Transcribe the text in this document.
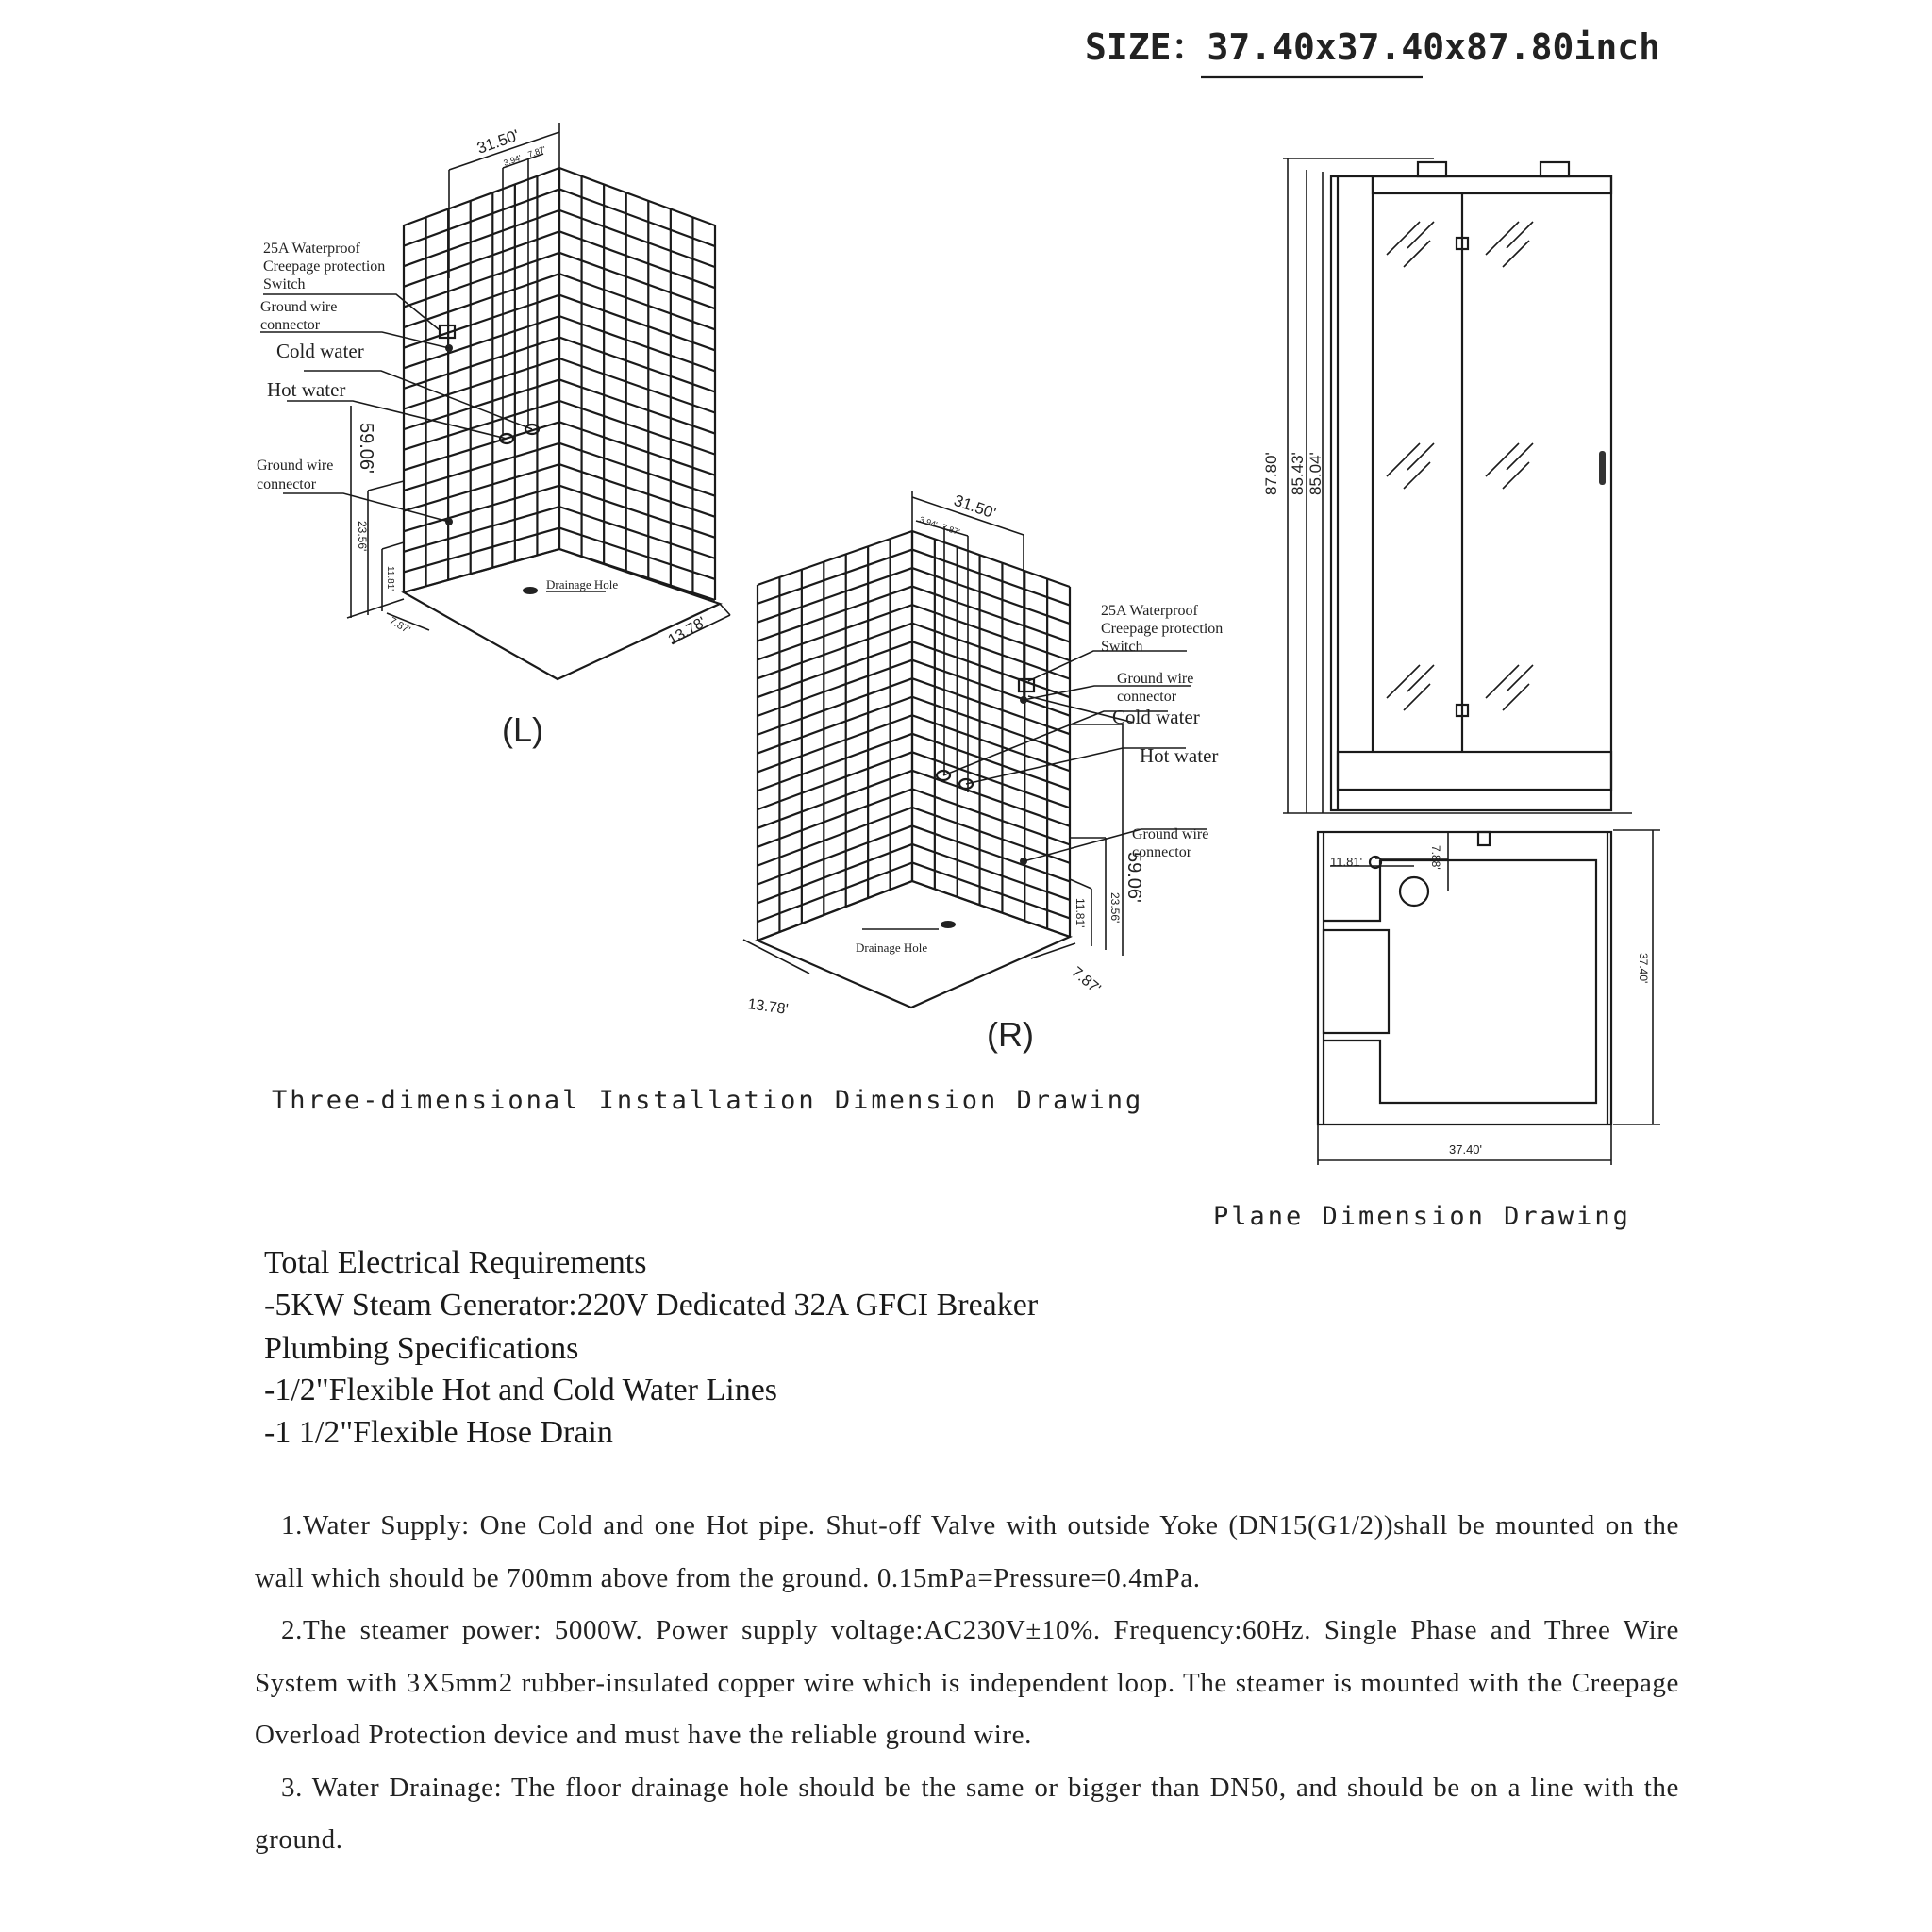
SIZE：37.40x37.40x87.80inch
31.50'
3.94'
7.87'
59.06'
23.56'
11.81'
7.87'	13.78'
25A Waterproof
Creepage protection
Switch
Ground wire
connector
Cold water
Hot water
Ground wire
connector
Drainage Hole
(L)
31.50'
3.94'
7.87'
59.06'
23.56'
11.81'
13.78'
7.87'
25A Waterproof
Creepage protection
Switch
Ground wire
connector
Cold water
Hot water
Ground wire
connector
Drainage Hole
(R)
Three-dimensional Installation Dimension Drawing
87.80' 85.43' 85.04'
11.81'	7.88'
37.40'
37.40'
Plane Dimension Drawing
Total Electrical Requirements
-5KW Steam Generator:220V Dedicated 32A GFCI Breaker
Plumbing Specifications
-1/2"Flexible Hot and Cold Water Lines
-1 1/2"Flexible Hose Drain

1.Water Supply: One Cold and one Hot pipe. Shut-off Valve with outside Yoke (DN15(G1/2))shall be mounted on the wall which should be 700mm above from the ground. 0.15mPa=Pressure=0.4mPa.

2.The steamer power: 5000W. Power supply voltage:AC230V±10%. Frequency:60Hz. Single Phase and Three Wire System with 3X5mm2 rubber-insulated copper wire which is independent loop. The steamer is mounted with the Creepage Overload Protection device and must have the reliable ground wire.

3. Water Drainage: The floor drainage hole should be the same or bigger than DN50, and should be on a line with the ground.
